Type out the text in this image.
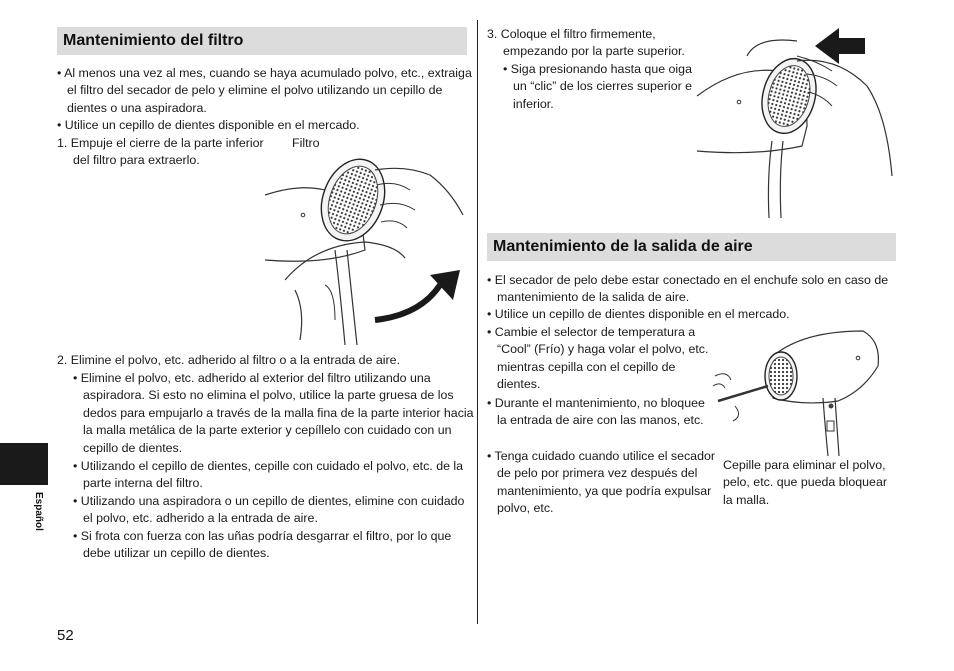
Mantenimiento del filtro
• Al menos una vez al mes, cuando se haya acumulado polvo, etc., extraiga el filtro del secador de pelo y elimine el polvo utilizando un cepillo de dientes o una aspiradora.
• Utilice un cepillo de dientes disponible en el mercado.
1. Empuje el cierre de la parte inferior del filtro para extraerlo.
Filtro
2. Elimine el polvo, etc. adherido al filtro o a la entrada de aire.
• Elimine el polvo, etc. adherido al exterior del filtro utilizando una aspiradora. Si esto no elimina el polvo, utilice la parte gruesa de los dedos para empujarlo a través de la malla fina de la parte interior hacia la malla metálica de la parte exterior y cepíllelo con cuidado con un cepillo de dientes.
• Utilizando el cepillo de dientes, cepille con cuidado el polvo, etc. de la parte interna del filtro.
• Utilizando una aspiradora o un cepillo de dientes, elimine con cuidado el polvo, etc. adherido a la entrada de aire.
• Si frota con fuerza con las uñas podría desgarrar el filtro, por lo que debe utilizar un cepillo de dientes.
3. Coloque el filtro firmemente, empezando por la parte superior.
• Siga presionando hasta que oiga un “clic” de los cierres superior e inferior.
Mantenimiento de la salida de aire
• El secador de pelo debe estar conectado en el enchufe solo en caso de mantenimiento de la salida de aire.
• Utilice un cepillo de dientes disponible en el mercado.
• Cambie el selector de temperatura a “Cool” (Frío) y haga volar el polvo, etc. mientras cepilla con el cepillo de dientes.
• Durante el mantenimiento, no bloquee la entrada de aire con las manos, etc.
• Tenga cuidado cuando utilice el secador de pelo por primera vez después del mantenimiento, ya que podría expulsar polvo, etc.
Cepille para eliminar el polvo, pelo, etc. que pueda bloquear la malla.
Español
52
